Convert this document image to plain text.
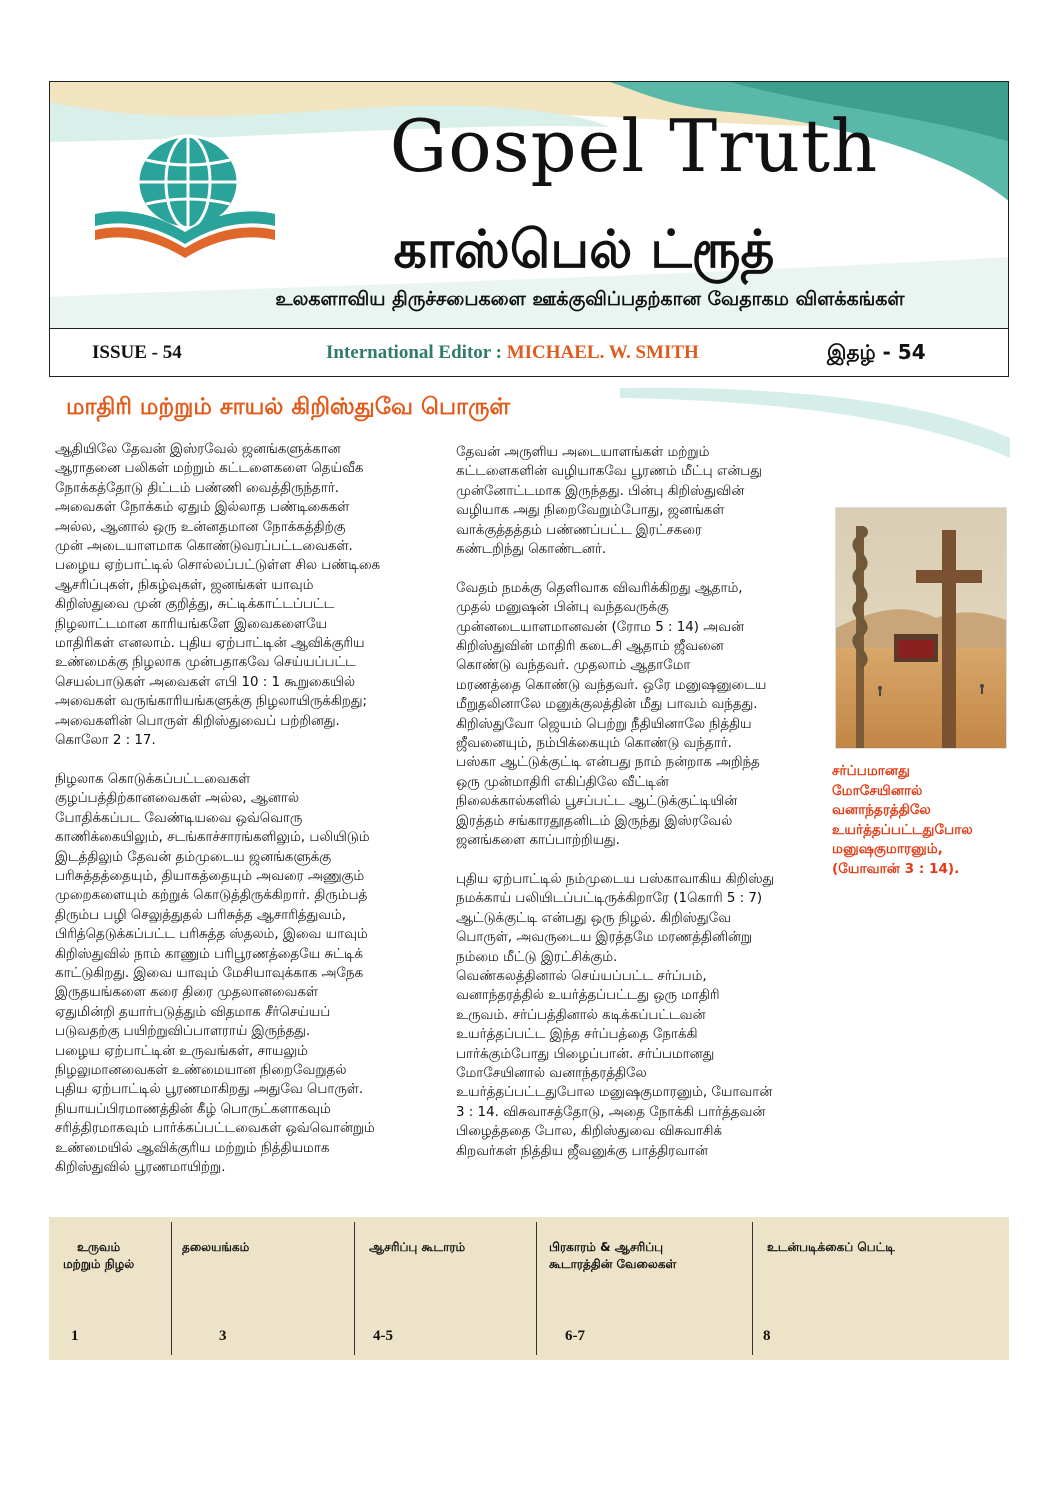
Gospel Truth
காஸ்பெல் ட்ரூத்
உலகளாவிய திருச்சபைகளை ஊக்குவிப்பதற்கான வேதாகம விளக்கங்கள்
ISSUE - 54	International Editor : MICHAEL. W. SMITH	இதழ் - 54
மாதிரி மற்றும் சாயல் கிறிஸ்துவே பொருள்

ஆதியிலே தேவன் இஸ்ரவேல் ஜனங்களுக்கான

ஆராதனை பலிகள் மற்றும் கட்டளைகளை தெய்வீக

நோக்கத்தோடு திட்டம் பண்ணி வைத்திருந்தார்.

அவைகள் நோக்கம் ஏதும் இல்லாத பண்டிகைகள்

அல்ல, ஆனால் ஒரு உன்னதமான நோக்கத்திற்கு

முன் அடையாளமாக கொண்டுவரப்பட்டவைகள்.

பழைய ஏற்பாட்டில் சொல்லப்பட்டுள்ள சில பண்டிகை

ஆசரிப்புகள், நிகழ்வுகள், ஜனங்கள் யாவும்

கிறிஸ்துவை முன் குறித்து, சுட்டிக்காட்டப்பட்ட

நிழலாட்டமான காரியங்களே இவைகளையே

மாதிரிகள் எனலாம். புதிய ஏற்பாட்டின் ஆவிக்குரிய

உண்மைக்கு நிழலாக முன்பதாகவே செய்யப்பட்ட

செயல்பாடுகள் அவைகள் எபி 10 : 1 கூறுகையில்

அவைகள் வருங்காரியங்களுக்கு நிழலாயிருக்கிறது;

அவைகளின் பொருள் கிறிஸ்துவைப் பற்றினது.

கொலோ 2 : 17.

நிழலாக கொடுக்கப்பட்டவைகள்

குழப்பத்திற்கானவைகள் அல்ல, ஆனால்

போதிக்கப்பட வேண்டியவை ஒவ்வொரு

காணிக்கையிலும், சடங்காச்சாரங்களிலும், பலியிடும்

இடத்திலும் தேவன் தம்முடைய ஜனங்களுக்கு

பரிசுத்தத்தையும், தியாகத்தையும் அவரை அணுகும்

முறைகளையும் கற்றுக் கொடுத்திருக்கிறார். திரும்பத்

திரும்ப பழி செலுத்துதல் பரிசுத்த ஆசாரித்துவம்,

பிரித்தெடுக்கப்பட்ட பரிசுத்த ஸ்தலம், இவை யாவும்

கிறிஸ்துவில் நாம் காணும் பரிபூரணத்தையே சுட்டிக்

காட்டுகிறது. இவை யாவும் மேசியாவுக்காக அநேக

இருதயங்களை கரை திரை முதலானவைகள்

ஏதுமின்றி தயார்படுத்தும் விதமாக சீர்செய்யப்

படுவதற்கு பயிற்றுவிப்பாளராய் இருந்தது.

பழைய ஏற்பாட்டின் உருவங்கள், சாயலும்

நிழலுமானவைகள் உண்மையான நிறைவேறுதல்

புதிய ஏற்பாட்டில் பூரணமாகிறது அதுவே பொருள்.

நியாயப்பிரமாணத்தின் கீழ் பொருட்களாகவும்

சரித்திரமாகவும் பார்க்கப்பட்டவைகள் ஒவ்வொன்றும்

உண்மையில் ஆவிக்குரிய மற்றும் நித்தியமாக

கிறிஸ்துவில் பூரணமாயிற்று.

தேவன் அருளிய அடையாளங்கள் மற்றும்

கட்டளைகளின் வழியாகவே பூரணம் மீட்பு என்பது

முன்னோட்டமாக இருந்தது. பின்பு கிறிஸ்துவின்

வழியாக அது நிறைவேறும்போது, ஜனங்கள்

வாக்குத்தத்தம் பண்ணப்பட்ட இரட்சகரை

கண்டறிந்து கொண்டனர்.

வேதம் நமக்கு தெளிவாக விவரிக்கிறது ஆதாம்,

முதல் மனுஷன் பின்பு வந்தவருக்கு

முன்னடையாளமானவன் (ரோம 5 : 14) அவன்

கிறிஸ்துவின் மாதிரி கடைசி ஆதாம் ஜீவனை

கொண்டு வந்தவர். முதலாம் ஆதாமோ

மரணத்தை கொண்டு வந்தவர். ஒரே மனுஷனுடைய

மீறுதலினாலே மனுக்குலத்தின் மீது பாவம் வந்தது.

கிறிஸ்துவோ ஜெயம் பெற்று நீதியினாலே நித்திய

ஜீவனையும், நம்பிக்கையும் கொண்டு வந்தார்.

பஸ்கா ஆட்டுக்குட்டி என்பது நாம் நன்றாக அறிந்த

ஒரு முன்மாதிரி எகிப்திலே வீட்டின்

நிலைக்கால்களில் பூசப்பட்ட ஆட்டுக்குட்டியின்

இரத்தம் சங்காரதூதனிடம் இருந்து இஸ்ரவேல்

ஜனங்களை காப்பாற்றியது.

புதிய ஏற்பாட்டில் நம்முடைய பஸ்காவாகிய கிறிஸ்து

நமக்காய் பலியிடப்பட்டிருக்கிறாரே (1கொரி 5 : 7)

ஆட்டுக்குட்டி என்பது ஒரு நிழல். கிறிஸ்துவே

பொருள், அவருடைய இரத்தமே மரணத்தினின்று

நம்மை மீட்டு இரட்சிக்கும்.

வெண்கலத்தினால் செய்யப்பட்ட சர்ப்பம்,

வனாந்தரத்தில் உயர்த்தப்பட்டது ஒரு மாதிரி

உருவம். சர்ப்பத்தினால் கடிக்கப்பட்டவன்

உயர்த்தப்பட்ட இந்த சர்ப்பத்தை நோக்கி

பார்க்கும்போது பிழைப்பான். சர்ப்பமானது

மோசேயினால் வனாந்தரத்திலே

உயர்த்தப்பட்டதுபோல மனுஷகுமாரனும், யோவான்

3 : 14. விசுவாசத்தோடு, அதை நோக்கி பார்த்தவன்

பிழைத்ததை போல, கிறிஸ்துவை விசுவாசிக்

கிறவர்கள் நித்திய ஜீவனுக்கு பாத்திரவான்

சர்ப்பமானது

மோசேயினால்

வனாந்தரத்திலே

உயர்த்தப்பட்டதுபோல

மனுஷகுமாரனும்,

(யோவான் 3 : 14).

உருவம்
மற்றும் நிழல்
1
தலையங்கம்
3
ஆசரிப்பு கூடாரம்
4-5
பிரகாரம் & ஆசரிப்பு
கூடாரத்தின் வேலைகள்
6-7
உடன்படிக்கைப் பெட்டி
8
